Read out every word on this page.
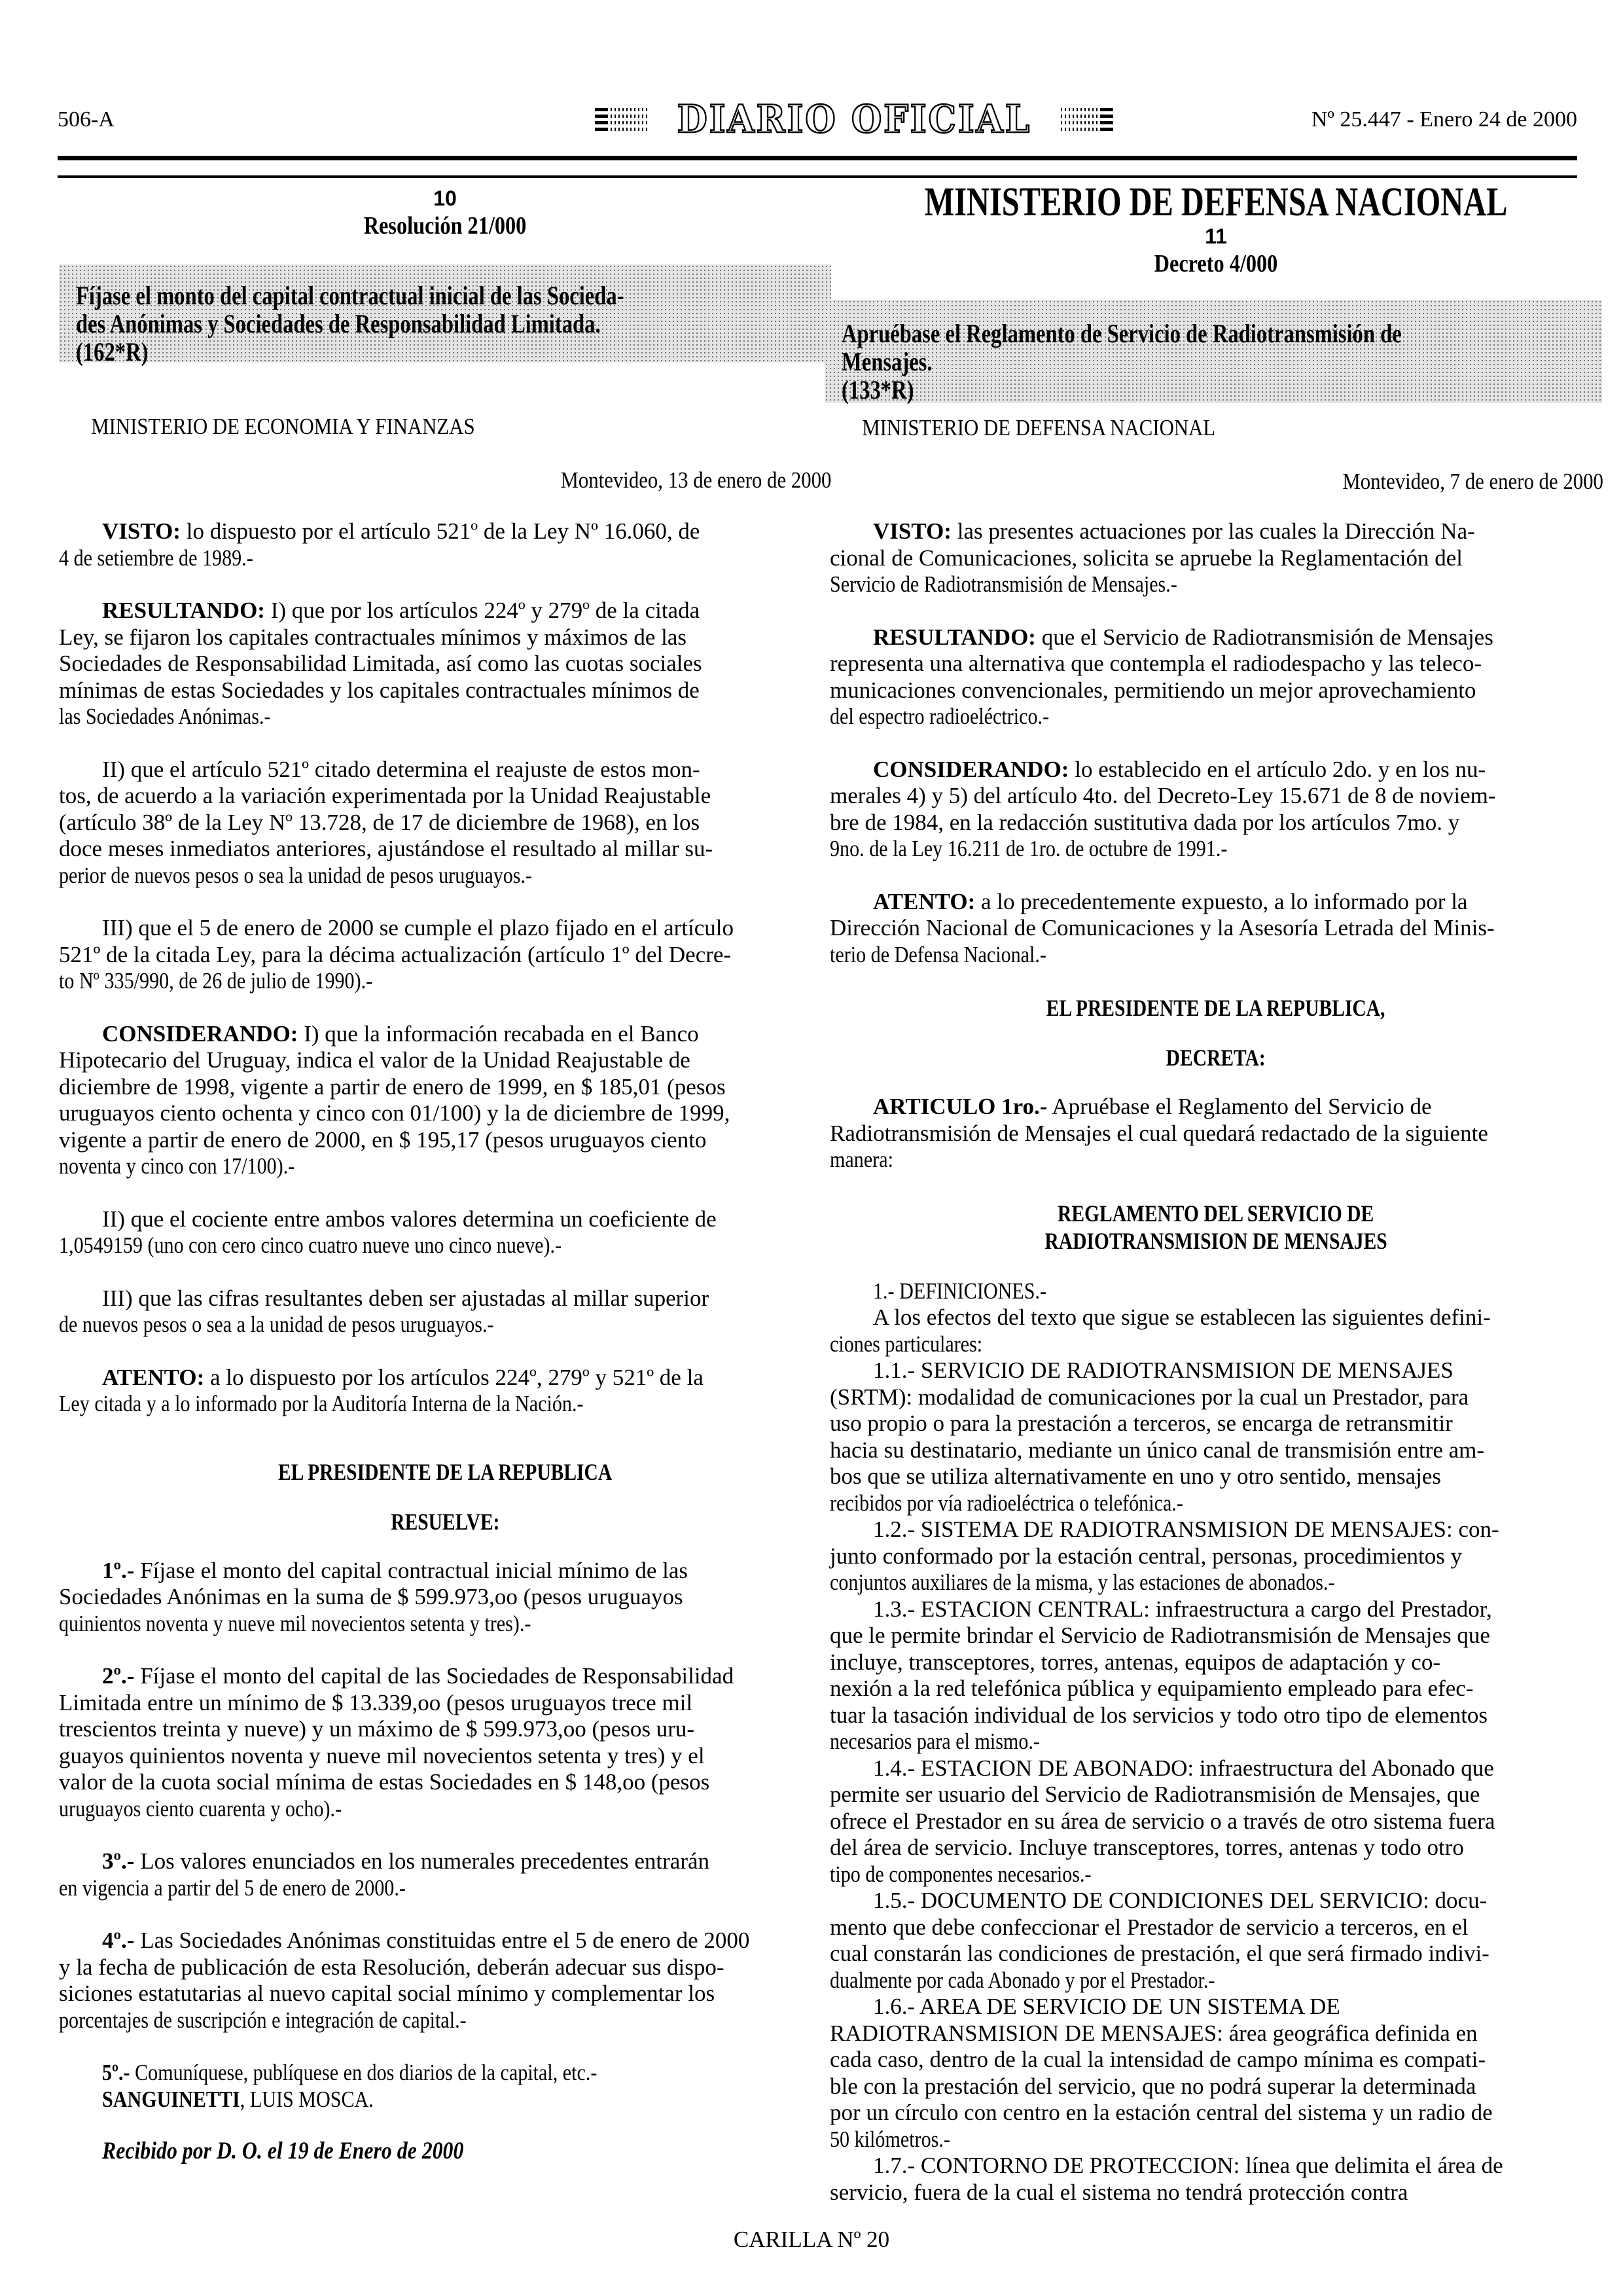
506-A	DIARIO OFICIAL	Nº 25.447 - Enero 24 de 2000
10
Resolución 21/000
Fíjase el monto del capital contractual inicial de las Socieda-
des Anónimas y Sociedades de Responsabilidad Limitada.
(162*R)
MINISTERIO DE ECONOMIA Y FINANZAS
Montevideo, 13 de enero de 2000
VISTO: lo dispuesto por el artículo 521º de la Ley Nº 16.060, de
4 de setiembre de 1989.-
RESULTANDO: I) que por los artículos 224º y 279º de la citada
Ley, se fijaron los capitales contractuales mínimos y máximos de las
Sociedades de Responsabilidad Limitada, así como las cuotas sociales
mínimas de estas Sociedades y los capitales contractuales mínimos de
las Sociedades Anónimas.-
II) que el artículo 521º citado determina el reajuste de estos mon-
tos, de acuerdo a la variación experimentada por la Unidad Reajustable
(artículo 38º de la Ley Nº 13.728, de 17 de diciembre de 1968), en los
doce meses inmediatos anteriores, ajustándose el resultado al millar su-
perior de nuevos pesos o sea la unidad de pesos uruguayos.-
III) que el 5 de enero de 2000 se cumple el plazo fijado en el artículo
521º de la citada Ley, para la décima actualización (artículo 1º del Decre-
to Nº 335/990, de 26 de julio de 1990).-
CONSIDERANDO: I) que la información recabada en el Banco
Hipotecario del Uruguay, indica el valor de la Unidad Reajustable de
diciembre de 1998, vigente a partir de enero de 1999, en $ 185,01 (pesos
uruguayos ciento ochenta y cinco con 01/100) y la de diciembre de 1999,
vigente a partir de enero de 2000, en $ 195,17 (pesos uruguayos ciento
noventa y cinco con 17/100).-
II) que el cociente entre ambos valores determina un coeficiente de
1,0549159 (uno con cero cinco cuatro nueve uno cinco nueve).-
III) que las cifras resultantes deben ser ajustadas al millar superior
de nuevos pesos o sea a la unidad de pesos uruguayos.-
ATENTO: a lo dispuesto por los artículos 224º, 279º y 521º de la
Ley citada y a lo informado por la Auditoría Interna de la Nación.-
EL PRESIDENTE DE LA REPUBLICA
RESUELVE:
1º.- Fíjase el monto del capital contractual inicial mínimo de las
Sociedades Anónimas en la suma de $ 599.973,oo (pesos uruguayos
quinientos noventa y nueve mil novecientos setenta y tres).-
2º.- Fíjase el monto del capital de las Sociedades de Responsabilidad
Limitada entre un mínimo de $ 13.339,oo (pesos uruguayos trece mil
trescientos treinta y nueve) y un máximo de $ 599.973,oo (pesos uru-
guayos quinientos noventa y nueve mil novecientos setenta y tres) y el
valor de la cuota social mínima de estas Sociedades en $ 148,oo (pesos
uruguayos ciento cuarenta y ocho).-
3º.- Los valores enunciados en los numerales precedentes entrarán
en vigencia a partir del 5 de enero de 2000.-
4º.- Las Sociedades Anónimas constituidas entre el 5 de enero de 2000
y la fecha de publicación de esta Resolución, deberán adecuar sus dispo-
siciones estatutarias al nuevo capital social mínimo y complementar los
porcentajes de suscripción e integración de capital.-
5º.- Comuníquese, publíquese en dos diarios de la capital, etc.-
SANGUINETTI, LUIS MOSCA.
Recibido por D. O. el 19 de Enero de 2000
MINISTERIO DE DEFENSA NACIONAL
11
Decreto 4/000
Apruébase el Reglamento de Servicio de Radiotransmisión de
Mensajes.
(133*R)
MINISTERIO DE DEFENSA NACIONAL
Montevideo, 7 de enero de 2000
VISTO: las presentes actuaciones por las cuales la Dirección Na-
cional de Comunicaciones, solicita se apruebe la Reglamentación del
Servicio de Radiotransmisión de Mensajes.-
RESULTANDO: que el Servicio de Radiotransmisión de Mensajes
representa una alternativa que contempla el radiodespacho y las teleco-
municaciones convencionales, permitiendo un mejor aprovechamiento
del espectro radioeléctrico.-
CONSIDERANDO: lo establecido en el artículo 2do. y en los nu-
merales 4) y 5) del artículo 4to. del Decreto-Ley 15.671 de 8 de noviem-
bre de 1984, en la redacción sustitutiva dada por los artículos 7mo. y
9no. de la Ley 16.211 de 1ro. de octubre de 1991.-
ATENTO: a lo precedentemente expuesto, a lo informado por la
Dirección Nacional de Comunicaciones y la Asesoría Letrada del Minis-
terio de Defensa Nacional.-
EL PRESIDENTE DE LA REPUBLICA,
DECRETA:
ARTICULO 1ro.- Apruébase el Reglamento del Servicio de
Radiotransmisión de Mensajes el cual quedará redactado de la siguiente
manera:
REGLAMENTO DEL SERVICIO DE
RADIOTRANSMISION DE MENSAJES
1.- DEFINICIONES.-
A los efectos del texto que sigue se establecen las siguientes defini-
ciones particulares:
1.1.- SERVICIO DE RADIOTRANSMISION DE MENSAJES
(SRTM): modalidad de comunicaciones por la cual un Prestador, para
uso propio o para la prestación a terceros, se encarga de retransmitir
hacia su destinatario, mediante un único canal de transmisión entre am-
bos que se utiliza alternativamente en uno y otro sentido, mensajes
recibidos por vía radioeléctrica o telefónica.-
1.2.- SISTEMA DE RADIOTRANSMISION DE MENSAJES: con-
junto conformado por la estación central, personas, procedimientos y
conjuntos auxiliares de la misma, y las estaciones de abonados.-
1.3.- ESTACION CENTRAL: infraestructura a cargo del Prestador,
que le permite brindar el Servicio de Radiotransmisión de Mensajes que
incluye, transceptores, torres, antenas, equipos de adaptación y co-
nexión a la red telefónica pública y equipamiento empleado para efec-
tuar la tasación individual de los servicios y todo otro tipo de elementos
necesarios para el mismo.-
1.4.- ESTACION DE ABONADO: infraestructura del Abonado que
permite ser usuario del Servicio de Radiotransmisión de Mensajes, que
ofrece el Prestador en su área de servicio o a través de otro sistema fuera
del área de servicio. Incluye transceptores, torres, antenas y todo otro
tipo de componentes necesarios.-
1.5.- DOCUMENTO DE CONDICIONES DEL SERVICIO: docu-
mento que debe confeccionar el Prestador de servicio a terceros, en el
cual constarán las condiciones de prestación, el que será firmado indivi-
dualmente por cada Abonado y por el Prestador.-
1.6.- AREA DE SERVICIO DE UN SISTEMA DE
RADIOTRANSMISION DE MENSAJES: área geográfica definida en
cada caso, dentro de la cual la intensidad de campo mínima es compati-
ble con la prestación del servicio, que no podrá superar la determinada
por un círculo con centro en la estación central del sistema y un radio de
50 kilómetros.-
1.7.- CONTORNO DE PROTECCION: línea que delimita el área de
servicio, fuera de la cual el sistema no tendrá protección contra
CARILLA Nº 20
